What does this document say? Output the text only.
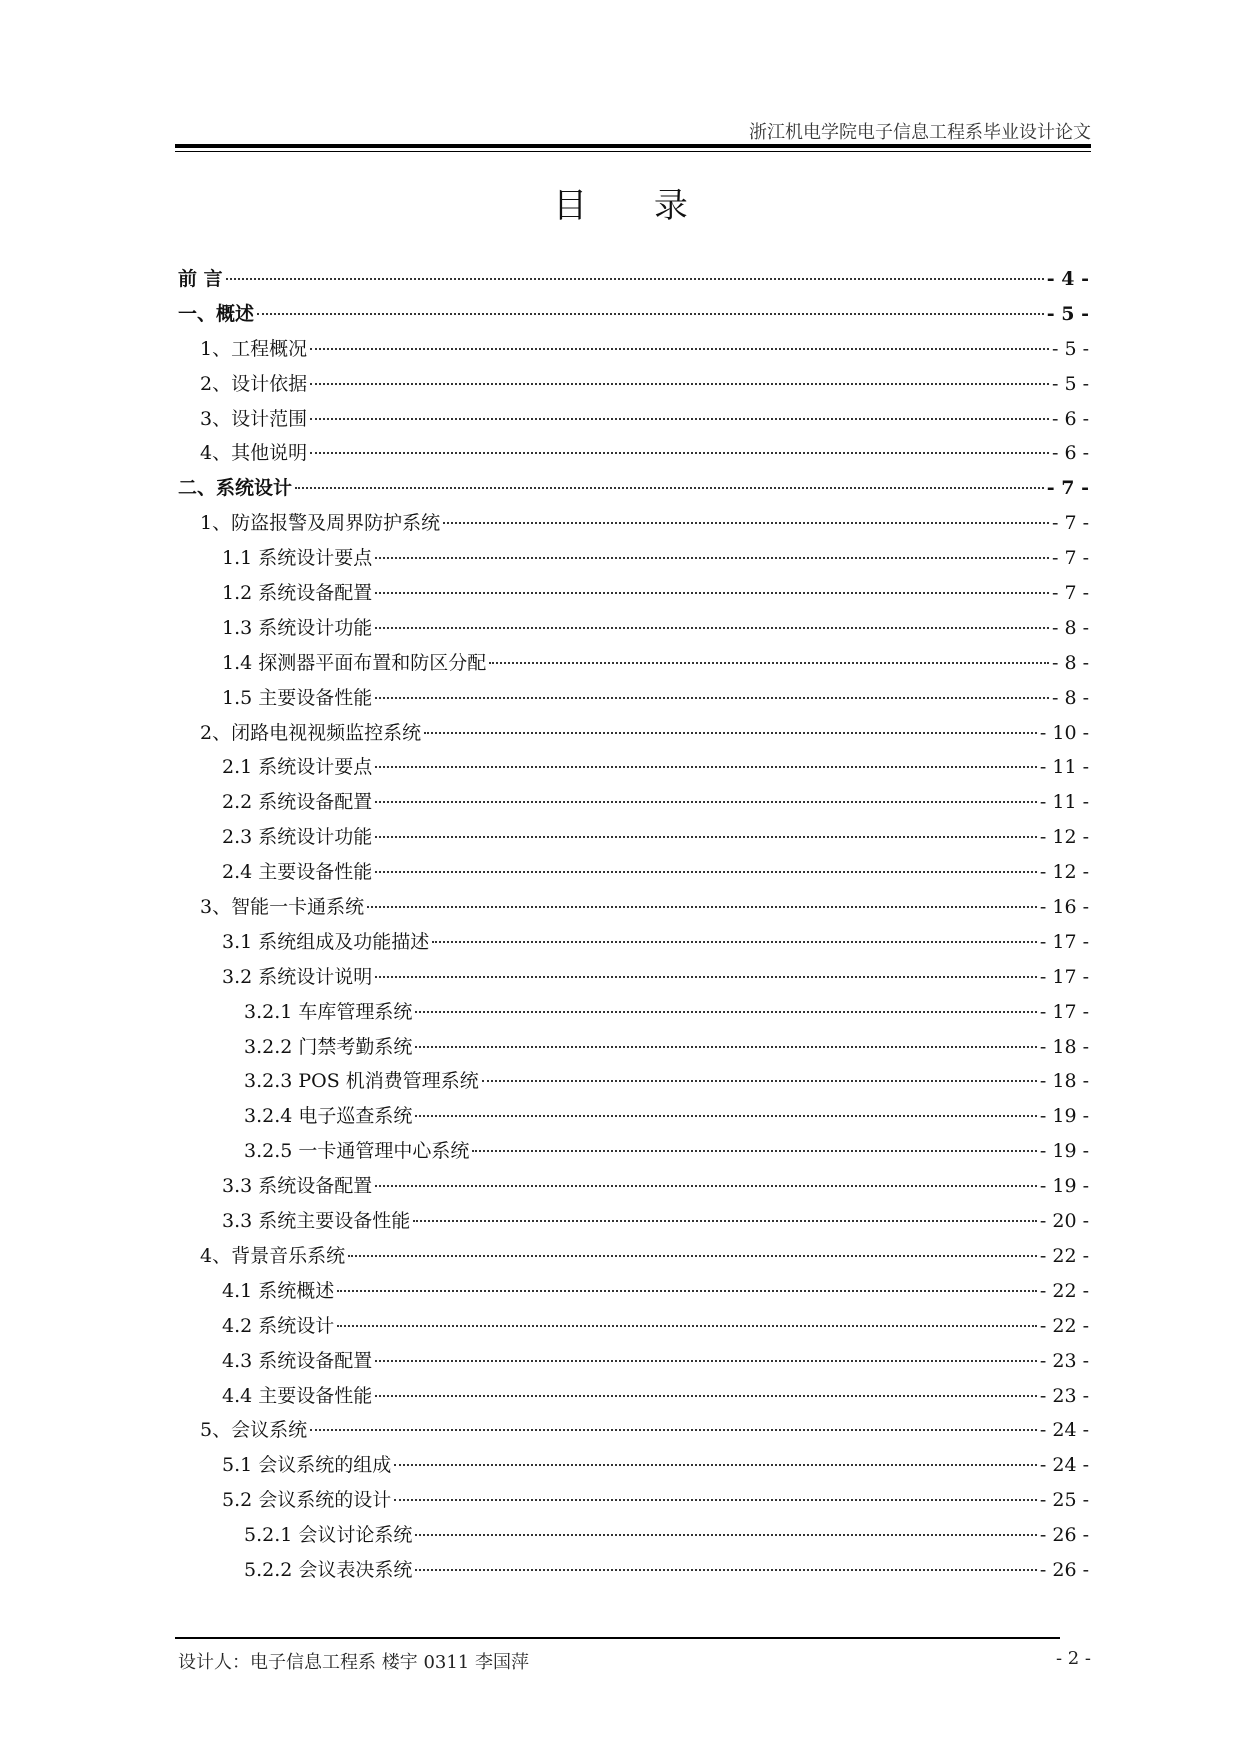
浙江机电学院电子信息工程系毕业设计论文
目 录
前 言	- 4 -
一、概述	- 5 -
1、工程概况	- 5 -
2、设计依据	- 5 -
3、设计范围	- 6 -
4、其他说明	- 6 -
二、系统设计	- 7 -
1、防盗报警及周界防护系统	- 7 -
1.1 系统设计要点	- 7 -
1.2 系统设备配置	- 7 -
1.3 系统设计功能	- 8 -
1.4 探测器平面布置和防区分配	- 8 -
1.5 主要设备性能	- 8 -
2、闭路电视视频监控系统	- 10 -
2.1 系统设计要点	- 11 -
2.2 系统设备配置	- 11 -
2.3 系统设计功能	- 12 -
2.4 主要设备性能	- 12 -
3、智能一卡通系统	- 16 -
3.1 系统组成及功能描述	- 17 -
3.2 系统设计说明	- 17 -
3.2.1 车库管理系统	- 17 -
3.2.2 门禁考勤系统	- 18 -
3.2.3 POS 机消费管理系统	- 18 -
3.2.4 电子巡查系统	- 19 -
3.2.5 一卡通管理中心系统	- 19 -
3.3 系统设备配置	- 19 -
3.3 系统主要设备性能	- 20 -
4、背景音乐系统	- 22 -
4.1 系统概述	- 22 -
4.2 系统设计	- 22 -
4.3 系统设备配置	- 23 -
4.4 主要设备性能	- 23 -
5、会议系统	- 24 -
5.1 会议系统的组成	- 24 -
5.2 会议系统的设计	- 25 -
5.2.1 会议讨论系统	- 26 -
5.2.2 会议表决系统	- 26 -
设计人：电子信息工程系 楼宇 0311 李国萍	- 2 -
